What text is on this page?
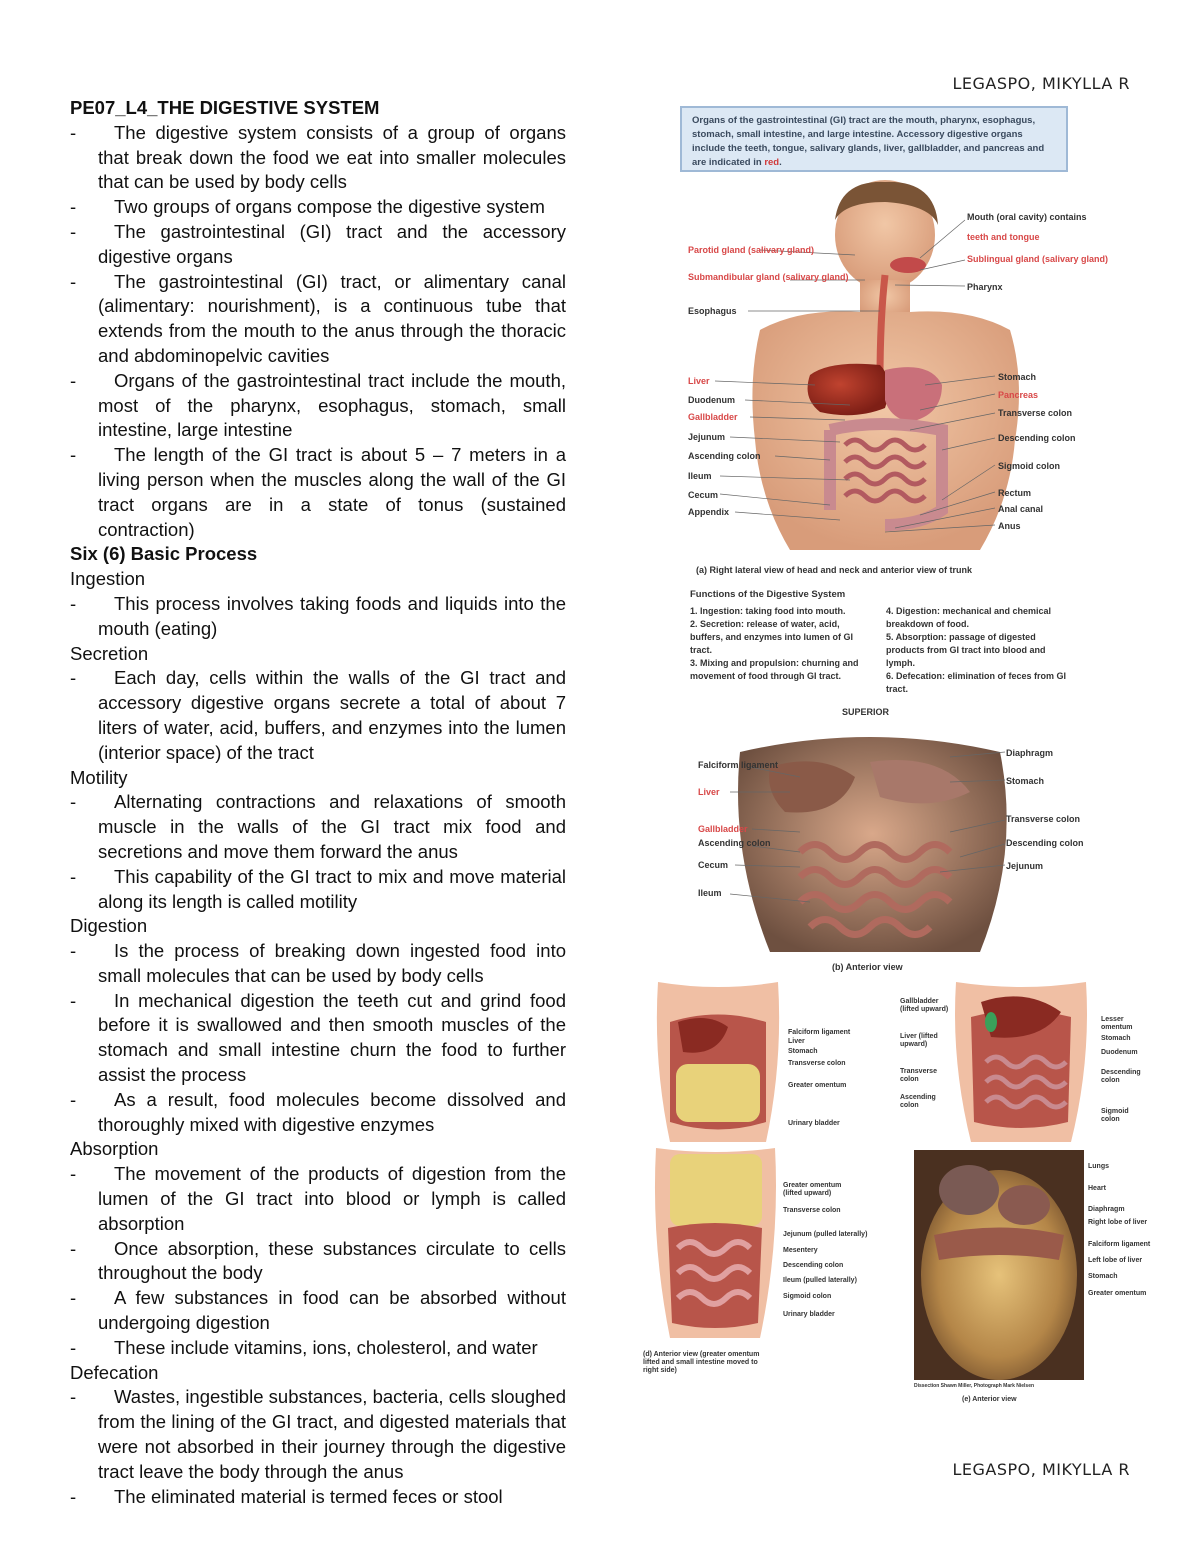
LEGASPO, MIKYLLA R
LEGASPO, MIKYLLA R
PE07_L4_THE DIGESTIVE SYSTEM
- The digestive system consists of a group of organs that break down the food we eat into smaller molecules that can be used by body cells
- Two groups of organs compose the digestive system
- The gastrointestinal (GI) tract and the accessory digestive organs
- The gastrointestinal (GI) tract, or alimentary canal (alimentary: nourishment), is a continuous tube that extends from the mouth to the anus through the thoracic and abdominopelvic cavities
- Organs of the gastrointestinal tract include the mouth, most of the pharynx, esophagus, stomach, small intestine, large intestine
- The length of the GI tract is about 5 – 7 meters in a living person when the muscles along the wall of the GI tract organs are in a state of tonus (sustained contraction)
Six (6) Basic Process
Ingestion
- This process involves taking foods and liquids into the mouth (eating)
Secretion
- Each day, cells within the walls of the GI tract and accessory digestive organs secrete a total of about 7 liters of water, acid, buffers, and enzymes into the lumen (interior space) of the tract
Motility
- Alternating contractions and relaxations of smooth muscle in the walls of the GI tract mix food and secretions and move them forward the anus
- This capability of the GI tract to mix and move material along its length is called motility
Digestion
- Is the process of breaking down ingested food into small molecules that can be used by body cells
- In mechanical digestion the teeth cut and grind food before it is swallowed and then smooth muscles of the stomach and small intestine churn the food to further assist the process
- As a result, food molecules become dissolved and thoroughly mixed with digestive enzymes
Absorption
- The movement of the products of digestion from the lumen of the GI tract into blood or lymph is called absorption
- Once absorption, these substances circulate to cells throughout the body
- A few substances in food can be absorbed without undergoing digestion
- These include vitamins, ions, cholesterol, and water
Defecation
- Wastes, ingestible substances, bacteria, cells sloughed from the lining of the GI tract, and digested materials that were not absorbed in their journey through the digestive tract leave the body through the anus
- The eliminated material is termed feces or stool
Organs of the gastrointestinal (GI) tract are the mouth, pharynx, esophagus, stomach, small intestine, and large intestine. Accessory digestive organs include the teeth, tongue, salivary glands, liver, gallbladder, and pancreas and are indicated in red.
Parotid gland (salivary gland)
Submandibular gland (salivary gland)
Esophagus
Liver
Duodenum
Gallbladder
Jejunum
Ascending colon
Ileum
Cecum
Appendix
Mouth (oral cavity) contains
teeth and tongue
Sublingual gland (salivary gland)
Pharynx
Stomach
Pancreas
Transverse colon
Descending colon
Sigmoid colon
Rectum
Anal canal
Anus
(a) Right lateral view of head and neck and anterior view of trunk
Functions of the Digestive System
1. Ingestion: taking food into mouth.
2. Secretion: release of water, acid, buffers, and enzymes into lumen of GI tract.
3. Mixing and propulsion: churning and movement of food through GI tract.
4. Digestion: mechanical and chemical breakdown of food.
5. Absorption: passage of digested products from GI tract into blood and lymph.
6. Defecation: elimination of feces from GI tract.
SUPERIOR
Falciform ligament
Liver
Gallbladder
Ascending colon
Cecum
Ileum
Diaphragm
Stomach
Transverse colon
Descending colon
Jejunum
(b) Anterior view
Falciform ligament
Liver
Stomach
Transverse colon
Greater omentum
Urinary bladder
Gallbladder (lifted upward)
Liver (lifted upward)
Transverse colon
Ascending colon
Lesser omentum
Stomach
Duodenum
Descending colon
Sigmoid colon
Greater omentum (lifted upward)
Transverse colon
Jejunum (pulled laterally)
Mesentery
Descending colon
Ileum (pulled laterally)
Sigmoid colon
Urinary bladder
(d) Anterior view (greater omentum lifted and small intestine moved to right side)
Lungs
Heart
Diaphragm
Right lobe of liver
Falciform ligament
Left lobe of liver
Stomach
Greater omentum
Dissection Shawn Miller, Photograph Mark Nielsen
(e) Anterior view
